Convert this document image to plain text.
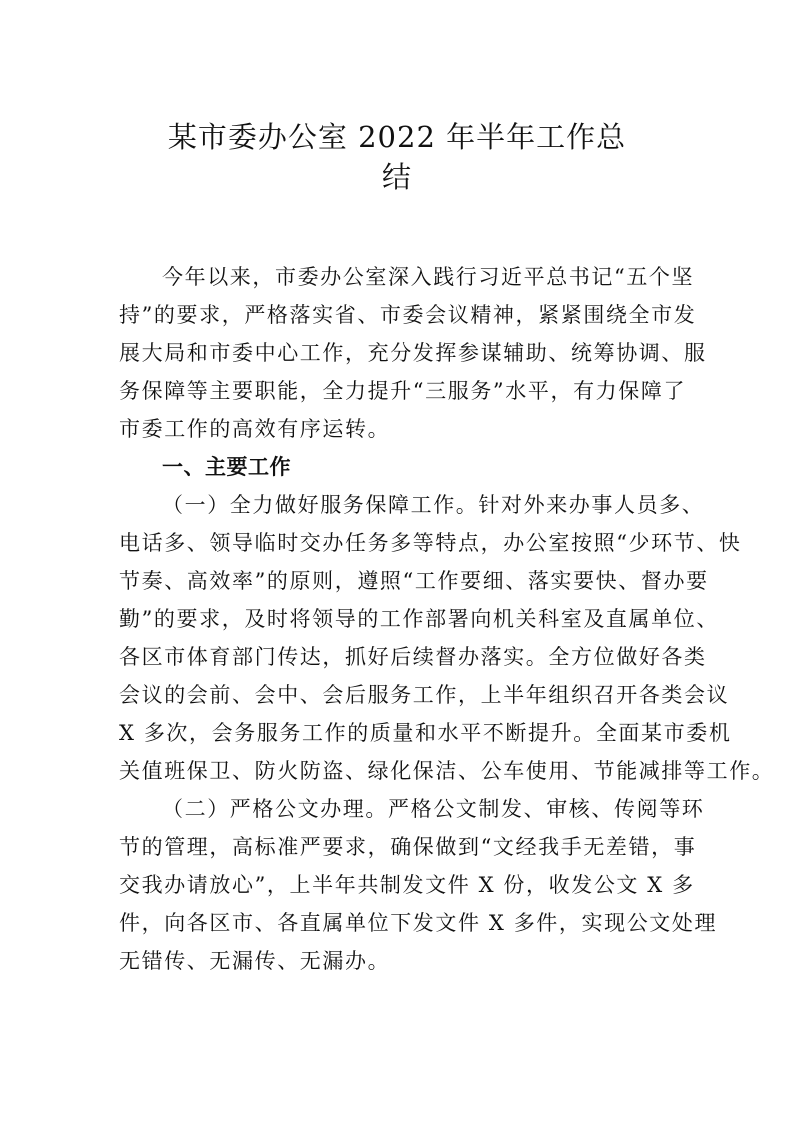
某市委办公室 2022 年半年工作总
结
今年以来，市委办公室深入践行习近平总书记“五个坚
持”的要求，严格落实省、市委会议精神，紧紧围绕全市发
展大局和市委中心工作，充分发挥参谋辅助、统筹协调、服
务保障等主要职能，全力提升“三服务”水平，有力保障了
市委工作的高效有序运转。
一、主要工作
（一）全力做好服务保障工作。针对外来办事人员多、
电话多、领导临时交办任务多等特点，办公室按照“少环节、快
节奏、高效率”的原则，遵照“工作要细、落实要快、督办要
勤”的要求，及时将领导的工作部署向机关科室及直属单位、
各区市体育部门传达，抓好后续督办落实。全方位做好各类
会议的会前、会中、会后服务工作，上半年组织召开各类会议
X 多次，会务服务工作的质量和水平不断提升。全面某市委机
关值班保卫、防火防盗、绿化保洁、公车使用、节能减排等工作。
（二）严格公文办理。严格公文制发、审核、传阅等环
节的管理，高标准严要求，确保做到“文经我手无差错，事
交我办请放心”，上半年共制发文件 X 份，收发公文 X 多
件，向各区市、各直属单位下发文件 X 多件，实现公文处理
无错传、无漏传、无漏办。
